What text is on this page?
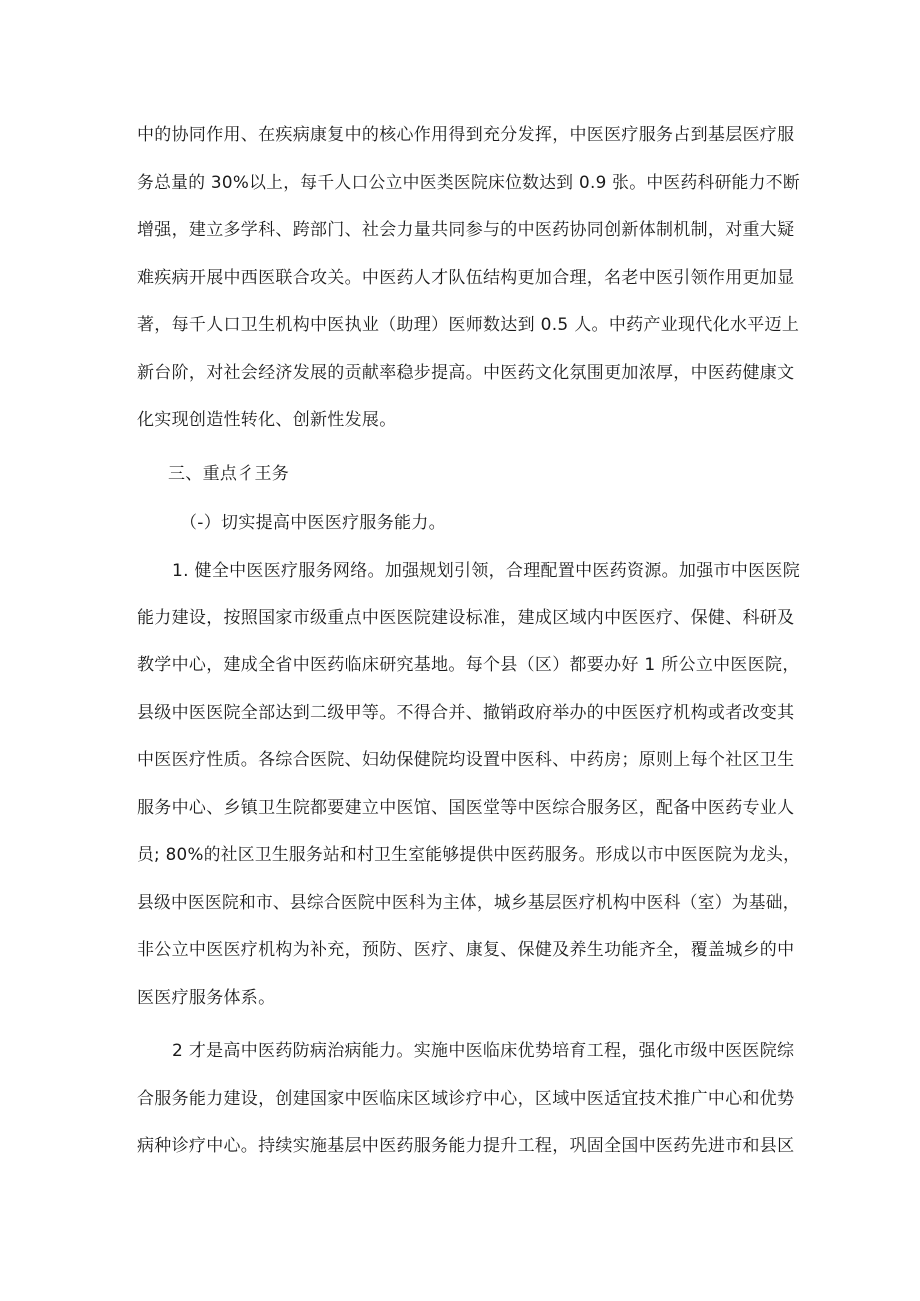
中的协同作用、在疾病康复中的核心作用得到充分发挥，中医医疗服务占到基层医疗服
务总量的 30%以上，每千人口公立中医类医院床位数达到 0.9 张。中医药科研能力不断
增强，建立多学科、跨部门、社会力量共同参与的中医药协同创新体制机制，对重大疑
难疾病开展中西医联合攻关。中医药人才队伍结构更加合理，名老中医引领作用更加显
著，每千人口卫生机构中医执业（助理）医师数达到 0.5 人。中药产业现代化水平迈上
新台阶，对社会经济发展的贡献率稳步提高。中医药文化氛围更加浓厚，中医药健康文
化实现创造性转化、创新性发展。
三、重点彳王务
（-）切实提高中医医疗服务能力。
1. 健全中医医疗服务网络。加强规划引领，合理配置中医药资源。加强市中医医院
能力建设，按照国家市级重点中医医院建设标准，建成区域内中医医疗、保健、科研及
教学中心，建成全省中医药临床研究基地。每个县（区）都要办好 1 所公立中医医院，
县级中医医院全部达到二级甲等。不得合并、撤销政府举办的中医医疗机构或者改变其
中医医疗性质。各综合医院、妇幼保健院均设置中医科、中药房；原则上每个社区卫生
服务中心、乡镇卫生院都要建立中医馆、国医堂等中医综合服务区，配备中医药专业人
员; 80%的社区卫生服务站和村卫生室能够提供中医药服务。形成以市中医医院为龙头，
县级中医医院和市、县综合医院中医科为主体，城乡基层医疗机构中医科（室）为基础，
非公立中医医疗机构为补充，预防、医疗、康复、保健及养生功能齐全，覆盖城乡的中
医医疗服务体系。
2 才是高中医药防病治病能力。实施中医临床优势培育工程，强化市级中医医院综
合服务能力建设，创建国家中医临床区域诊疗中心，区域中医适宜技术推广中心和优势
病种诊疗中心。持续实施基层中医药服务能力提升工程，巩固全国中医药先进市和县区
